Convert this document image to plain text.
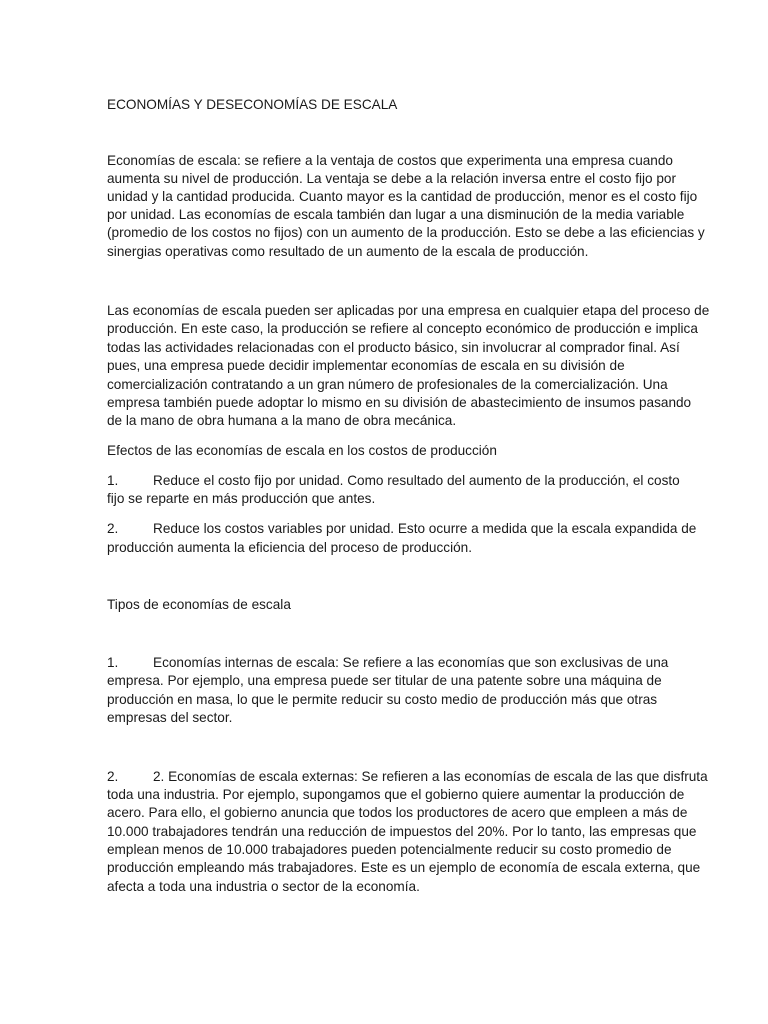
ECONOMÍAS Y DESECONOMÍAS DE ESCALA
Economías de escala: se refiere a la ventaja de costos que experimenta una empresa cuando
aumenta su nivel de producción. La ventaja se debe a la relación inversa entre el costo fijo por
unidad y la cantidad producida. Cuanto mayor es la cantidad de producción, menor es el costo fijo
por unidad. Las economías de escala también dan lugar a una disminución de la media variable
(promedio de los costos no fijos) con un aumento de la producción. Esto se debe a las eficiencias y
sinergias operativas como resultado de un aumento de la escala de producción.
Las economías de escala pueden ser aplicadas por una empresa en cualquier etapa del proceso de
producción. En este caso, la producción se refiere al concepto económico de producción e implica
todas las actividades relacionadas con el producto básico, sin involucrar al comprador final. Así
pues, una empresa puede decidir implementar economías de escala en su división de
comercialización contratando a un gran número de profesionales de la comercialización. Una
empresa también puede adoptar lo mismo en su división de abastecimiento de insumos pasando
de la mano de obra humana a la mano de obra mecánica.
Efectos de las economías de escala en los costos de producción
1.	Reduce el costo fijo por unidad. Como resultado del aumento de la producción, el costo
fijo se reparte en más producción que antes.
2.	Reduce los costos variables por unidad. Esto ocurre a medida que la escala expandida de
producción aumenta la eficiencia del proceso de producción.
Tipos de economías de escala
1.	Economías internas de escala: Se refiere a las economías que son exclusivas de una
empresa. Por ejemplo, una empresa puede ser titular de una patente sobre una máquina de
producción en masa, lo que le permite reducir su costo medio de producción más que otras
empresas del sector.
2.	2. Economías de escala externas: Se refieren a las economías de escala de las que disfruta
toda una industria. Por ejemplo, supongamos que el gobierno quiere aumentar la producción de
acero. Para ello, el gobierno anuncia que todos los productores de acero que empleen a más de
10.000 trabajadores tendrán una reducción de impuestos del 20%. Por lo tanto, las empresas que
emplean menos de 10.000 trabajadores pueden potencialmente reducir su costo promedio de
producción empleando más trabajadores. Este es un ejemplo de economía de escala externa, que
afecta a toda una industria o sector de la economía.
